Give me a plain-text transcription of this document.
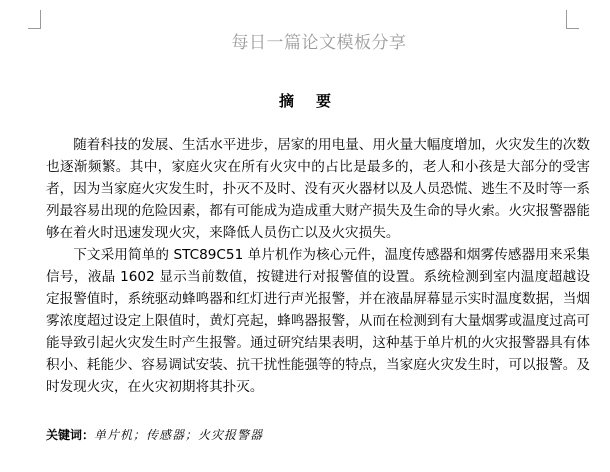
每日一篇论文模板分享
摘要

随着科技的发展、生活水平进步，居家的用电量、用火量大幅度增加，火灾发生的次数也逐渐频繁。其中，家庭火灾在所有火灾中的占比是最多的，老人和小孩是大部分的受害者，因为当家庭火灾发生时，扑灭不及时、没有灭火器材以及人员恐慌、逃生不及时等一系列最容易出现的危险因素，都有可能成为造成重大财产损失及生命的导火索。火灾报警器能够在着火时迅速发现火灾，来降低人员伤亡以及火灾损失。

下文采用简单的 STC89C51 单片机作为核心元件，温度传感器和烟雾传感器用来采集信号，液晶 1602 显示当前数值，按键进行对报警值的设置。系统检测到室内温度超越设定报警值时，系统驱动蜂鸣器和红灯进行声光报警，并在液晶屏幕显示实时温度数据，当烟雾浓度超过设定上限值时，黄灯亮起，蜂鸣器报警，从而在检测到有大量烟雾或温度过高可能导致引起火灾发生时产生报警。通过研究结果表明，这种基于单片机的火灾报警器具有体积小、耗能少、容易调试安装、抗干扰性能强等的特点，当家庭火灾发生时，可以报警。及时发现火灾，在火灾初期将其扑灭。

关键词：单片机；传感器；火灾报警器
